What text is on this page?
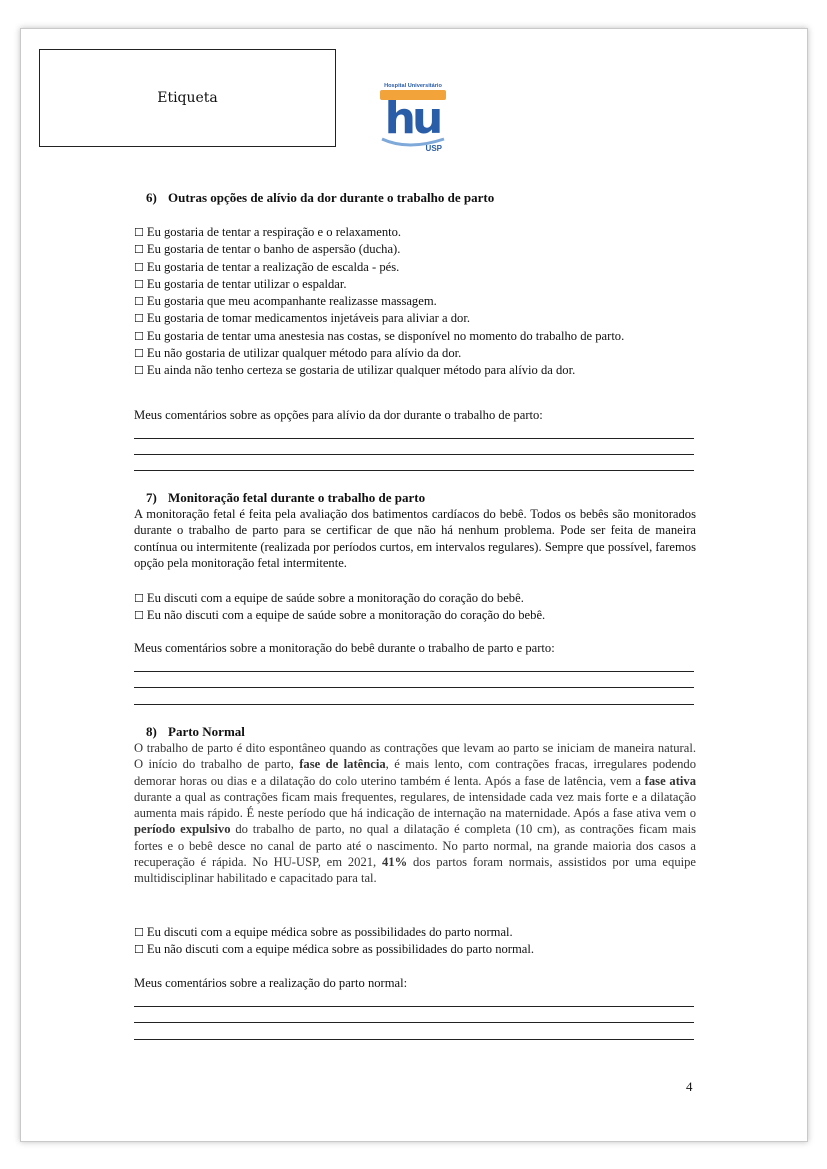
Etiqueta
Hospital Universitário
hu
USP
6) Outras opções de alívio da dor durante o trabalho de parto

☐ Eu gostaria de tentar a respiração e o relaxamento.

☐ Eu gostaria de tentar o banho de aspersão (ducha).

☐ Eu gostaria de tentar a realização de escalda - pés.

☐ Eu gostaria de tentar utilizar o espaldar.

☐ Eu gostaria que meu acompanhante realizasse massagem.

☐ Eu gostaria de tomar medicamentos injetáveis para aliviar a dor.

☐ Eu gostaria de tentar uma anestesia nas costas, se disponível no momento do trabalho de parto.

☐ Eu não gostaria de utilizar qualquer método para alívio da dor.

☐ Eu ainda não tenho certeza se gostaria de utilizar qualquer método para alívio da dor.

Meus comentários sobre as opções para alívio da dor durante o trabalho de parto:
7) Monitoração fetal durante o trabalho de parto

A monitoração fetal é feita pela avaliação dos batimentos cardíacos do bebê. Todos os bebês são monitorados durante o trabalho de parto para se certificar de que não há nenhum problema. Pode ser feita de maneira contínua ou intermitente (realizada por períodos curtos, em intervalos regulares). Sempre que possível, faremos opção pela monitoração fetal intermitente.

☐ Eu discuti com a equipe de saúde sobre a monitoração do coração do bebê.

☐ Eu não discuti com a equipe de saúde sobre a monitoração do coração do bebê.

Meus comentários sobre a monitoração do bebê durante o trabalho de parto e parto:
8) Parto Normal

O trabalho de parto é dito espontâneo quando as contrações que levam ao parto se iniciam de maneira natural. O início do trabalho de parto, fase de latência, é mais lento, com contrações fracas, irregulares podendo demorar horas ou dias e a dilatação do colo uterino também é lenta. Após a fase de latência, vem a fase ativa durante a qual as contrações ficam mais frequentes, regulares, de intensidade cada vez mais forte e a dilatação aumenta mais rápido. É neste período que há indicação de internação na maternidade. Após a fase ativa vem o período expulsivo do trabalho de parto, no qual a dilatação é completa (10 cm), as contrações ficam mais fortes e o bebê desce no canal de parto até o nascimento. No parto normal, na grande maioria dos casos a recuperação é rápida. No HU-USP, em 2021, 41% dos partos foram normais, assistidos por uma equipe multidisciplinar habilitado e capacitado para tal.

☐ Eu discuti com a equipe médica sobre as possibilidades do parto normal.

☐ Eu não discuti com a equipe médica sobre as possibilidades do parto normal.

Meus comentários sobre a realização do parto normal:
4
